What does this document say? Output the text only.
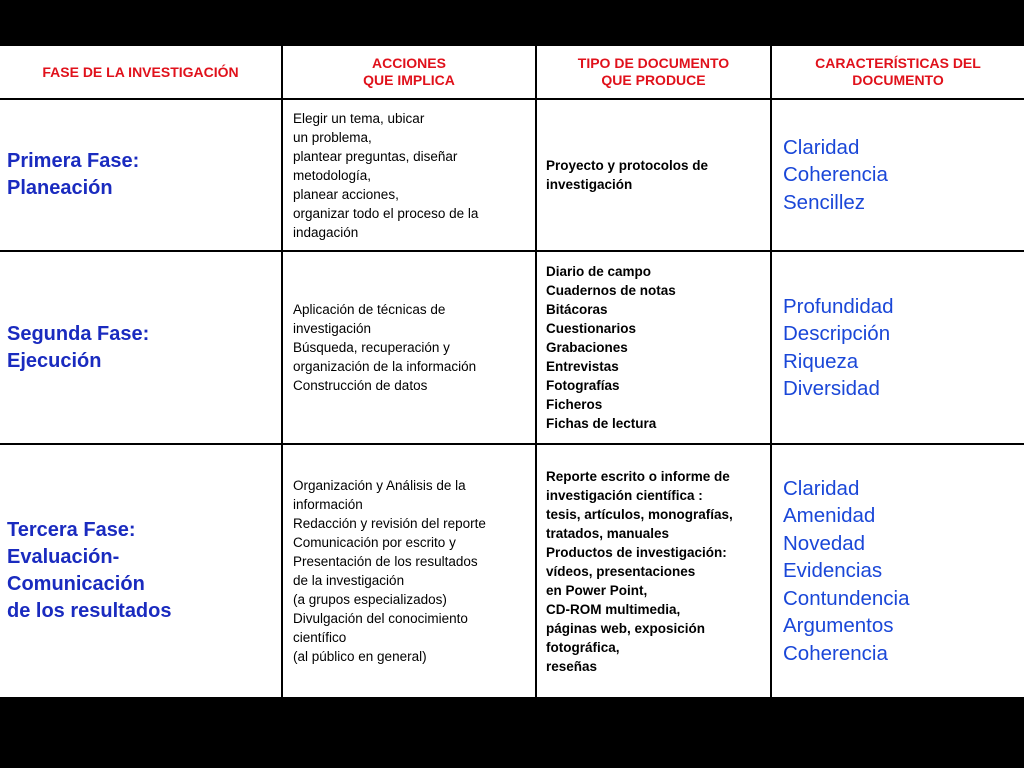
FASE DE LA INVESTIGACIÓN
ACCIONES
QUE IMPLICA
TIPO DE DOCUMENTO
QUE PRODUCE
CARACTERÍSTICAS DEL
DOCUMENTO
Primera Fase:
Planeación
Elegir un tema, ubicar
un problema,
plantear preguntas, diseñar
metodología,
planear acciones,
organizar todo el proceso de la
indagación
Proyecto y protocolos de
investigación
Claridad
Coherencia
Sencillez
Segunda Fase:
Ejecución
Aplicación de técnicas de
investigación
Búsqueda, recuperación y
organización de la información
Construcción de datos
Diario de campo
Cuadernos de notas
Bitácoras
Cuestionarios
Grabaciones
Entrevistas
Fotografías
Ficheros
Fichas de lectura
Profundidad
Descripción
Riqueza
Diversidad
Tercera Fase:
Evaluación-
Comunicación
de los resultados
Organización y Análisis de la
información
Redacción y revisión del reporte
Comunicación por escrito y
Presentación de los resultados
de la investigación
(a grupos especializados)
Divulgación del conocimiento
científico
(al público en general)
Reporte escrito o informe de
investigación científica :
tesis, artículos, monografías,
tratados, manuales
Productos de investigación:
vídeos, presentaciones
en Power Point,
CD-ROM multimedia,
páginas web, exposición
fotográfica,
reseñas
Claridad
Amenidad
Novedad
Evidencias
Contundencia
Argumentos
Coherencia
